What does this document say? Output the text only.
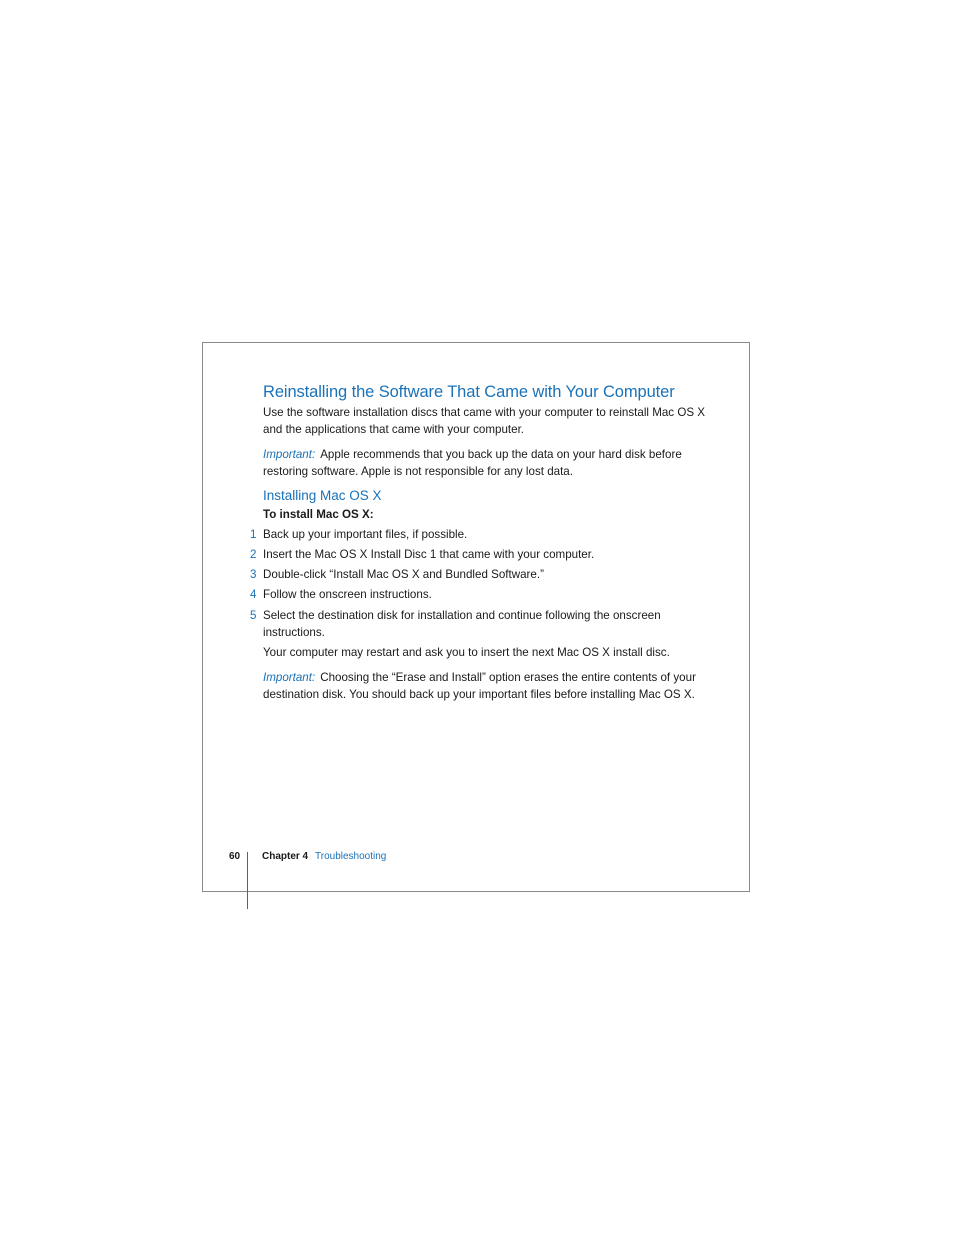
Reinstalling the Software That Came with Your Computer
Use the software installation discs that came with your computer to reinstall Mac OS X
and the applications that came with your computer.
Important: Apple recommends that you back up the data on your hard disk before
restoring software. Apple is not responsible for any lost data.
Installing Mac OS X
To install Mac OS X:
1 Back up your important files, if possible.
2 Insert the Mac OS X Install Disc 1 that came with your computer.
3 Double-click “Install Mac OS X and Bundled Software.”
4 Follow the onscreen instructions.
5 Select the destination disk for installation and continue following the onscreen
instructions.
Your computer may restart and ask you to insert the next Mac OS X install disc.
Important: Choosing the “Erase and Install” option erases the entire contents of your
destination disk. You should back up your important files before installing Mac OS X.
60 Chapter 4 Troubleshooting
